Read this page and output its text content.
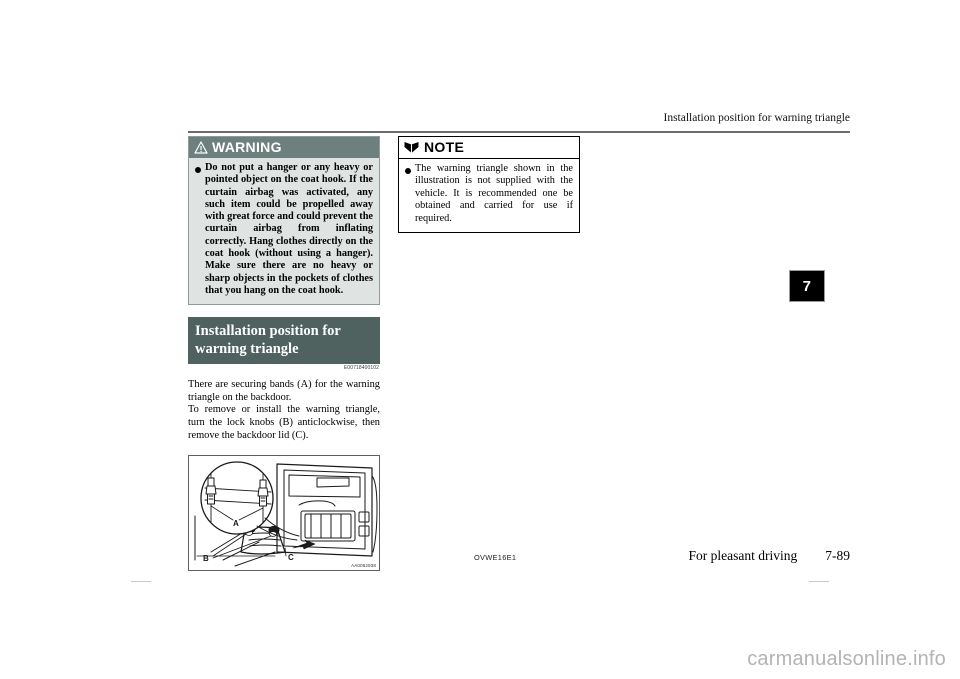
Installation position for warning triangle
7
WARNING
Do not put a hanger or any heavy or pointed object on the coat hook. If the curtain airbag was activated, any such item could be propelled away with great force and could prevent the curtain airbag from inflating correctly. Hang clothes directly on the coat hook (without using a hanger). Make sure there are no heavy or sharp objects in the pockets of clothes that you hang on the coat hook.
Installation position for warning triangle
E00718400102

There are securing bands (A) for the warning triangle on the backdoor.

To remove or install the warning triangle, turn the lock knobs (B) anticlockwise, then remove the backdoor lid (C).

A
B	C
AA0062938
NOTE
The warning triangle shown in the illustration is not supplied with the vehicle. It is recommended one be obtained and carried for use if required.
OVWE16E1	For pleasant driving 7-89
carmanualsonline.info
